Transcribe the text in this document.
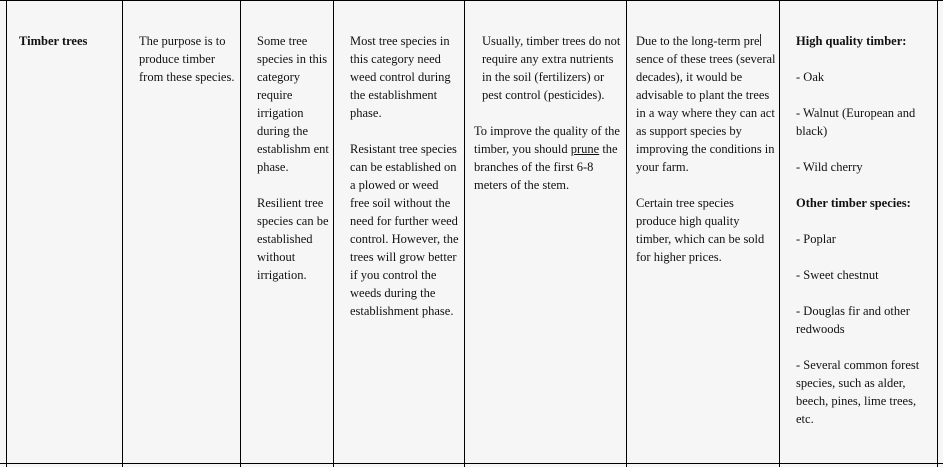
Timber trees	The purpose is to produce timber from these species.

Some tree species in this category require irrigation during the establishm ent phase.

Resilient tree species can be established without irrigation.

Most tree species in this category need weed control during the establishment phase.

Resistant tree species can be established on a plowed or weed free soil without the need for further weed control. However, the trees will grow better if you control the weeds during the establishment phase.

Usually, timber trees do not require any extra nutrients in the soil (fertilizers) or pest control (pesticides).

To improve the quality of the timber, you should prune the branches of the first 6-8 meters of the stem.

Due to the long-term presence of these trees (several decades), it would be advisable to plant the trees in a way where they can act as support species by improving the conditions in your farm.

Certain tree species produce high quality timber, which can be sold for higher prices.

High quality timber:

- Oak

- Walnut (European and black)

- Wild cherry

Other timber species:

- Poplar

- Sweet chestnut

- Douglas fir and other redwoods

- Several common forest species, such as alder, beech, pines, lime trees, etc.
